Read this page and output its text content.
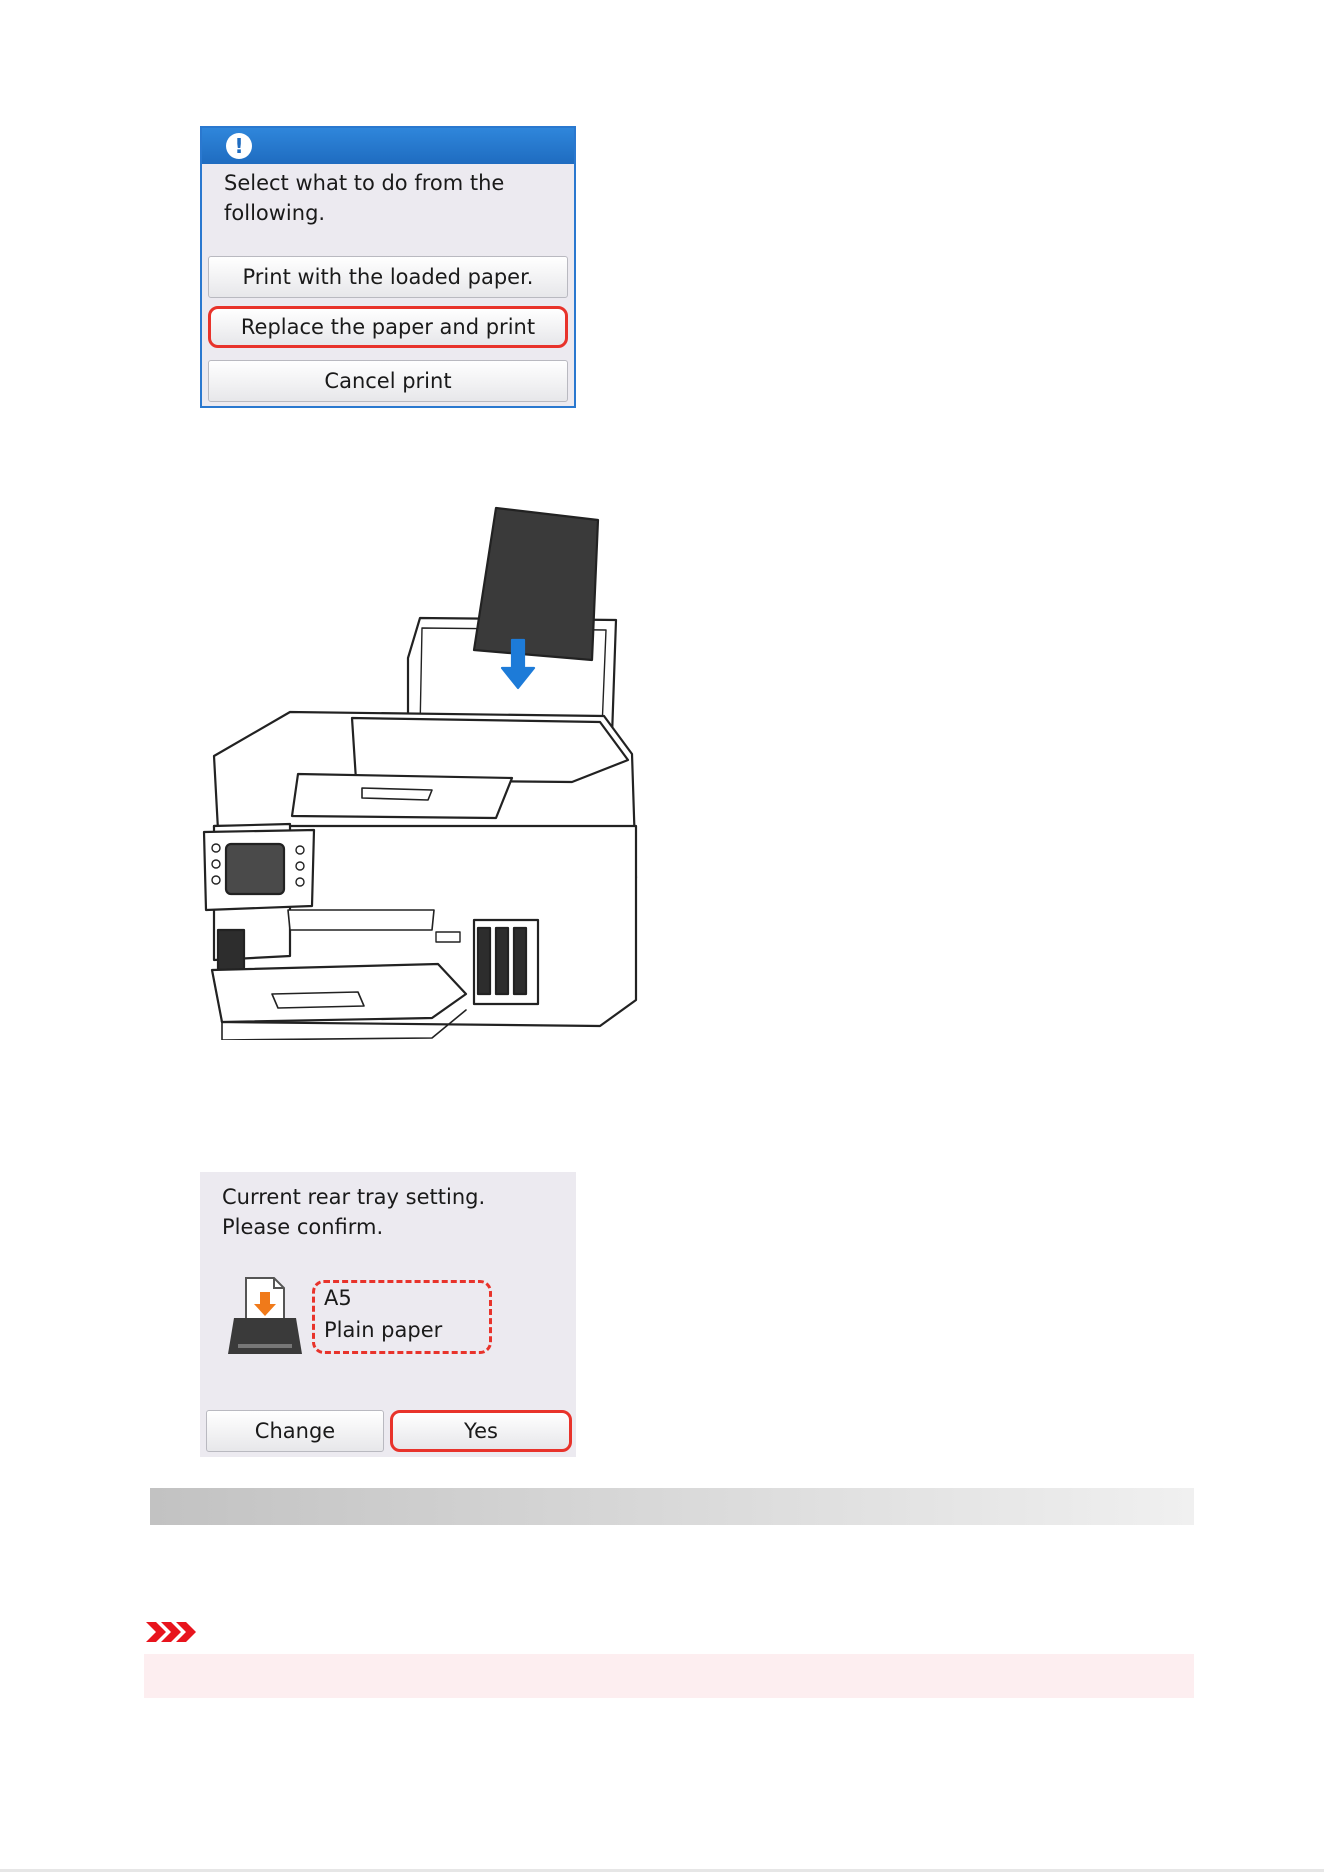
!
Select what to do from the
following.
Print with the loaded paper.
Replace the paper and print
Cancel print
Current rear tray setting.
Please confirm.
A5
Plain paper
Change	Yes
